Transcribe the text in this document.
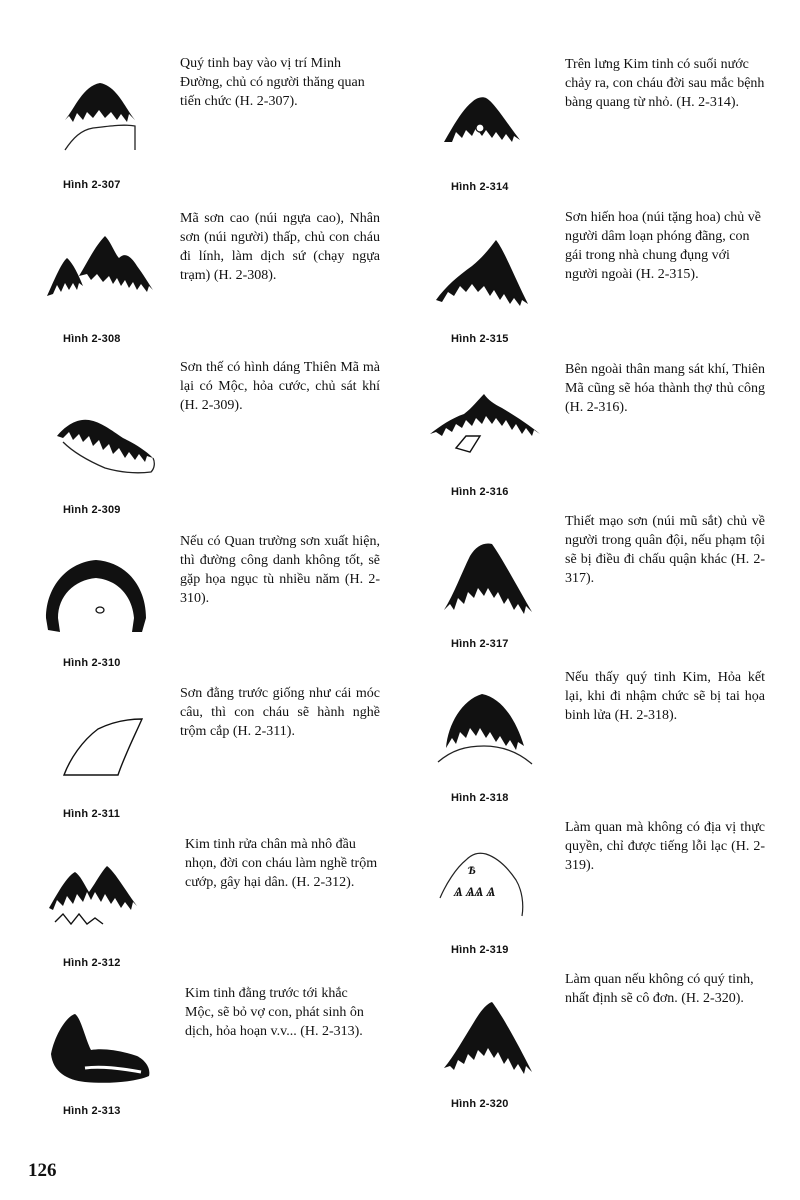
Hình 2-307
Quý tinh bay vào vị trí Minh Đường, chủ có người thăng quan tiến chức (H. 2-307).
Hình 2-308
Mã sơn cao (núi ngựa cao), Nhân sơn (núi người) thấp, chủ con cháu đi lính, làm dịch sứ (chạy ngựa trạm) (H. 2-308).
Hình 2-309
Sơn thế có hình dáng Thiên Mã mà lại có Mộc, hỏa cước, chủ sát khí (H. 2-309).
Hình 2-310
Nếu có Quan trường sơn xuất hiện, thì đường công danh không tốt, sẽ gặp họa ngục tù nhiều năm (H. 2-310).
Hình 2-311
Sơn đằng trước giống như cái móc câu, thì con cháu sẽ hành nghề trộm cắp (H. 2-311).
Hình 2-312
Kim tinh rửa chân mà nhô đầu nhọn, đời con cháu làm nghề trộm cướp, gây hại dân. (H. 2-312).
Hình 2-313
Kim tinh đằng trước tới khắc Mộc, sẽ bỏ vợ con, phát sinh ôn dịch, hỏa hoạn v.v... (H. 2-313).
Hình 2-314
Trên lưng Kim tinh có suối nước chảy ra, con cháu đời sau mắc bệnh bàng quang từ nhỏ. (H. 2-314).
Hình 2-315
Sơn hiến hoa (núi tặng hoa) chủ về người dâm loạn phóng đãng, con gái trong nhà chung đụng với người ngoài (H. 2-315).
Hình 2-316
Bên ngoài thân mang sát khí, Thiên Mã cũng sẽ hóa thành thợ thủ công (H. 2-316).
Hình 2-317
Thiết mạo sơn (núi mũ sắt) chủ về người trong quân đội, nếu phạm tội sẽ bị điều đi chấu quận khác (H. 2-317).
Hình 2-318
Nếu thấy quý tinh Kim, Hỏa kết lại, khi đi nhậm chức sẽ bị tai họa binh lửa (H. 2-318).
Ѣ
Ѧ ѦѦ Ѧ
Hình 2-319
Làm quan mà không có địa vị thực quyền, chỉ được tiếng lỗi lạc (H. 2-319).
Hình 2-320
Làm quan nếu không có quý tinh, nhất định sẽ cô đơn. (H. 2-320).
126
